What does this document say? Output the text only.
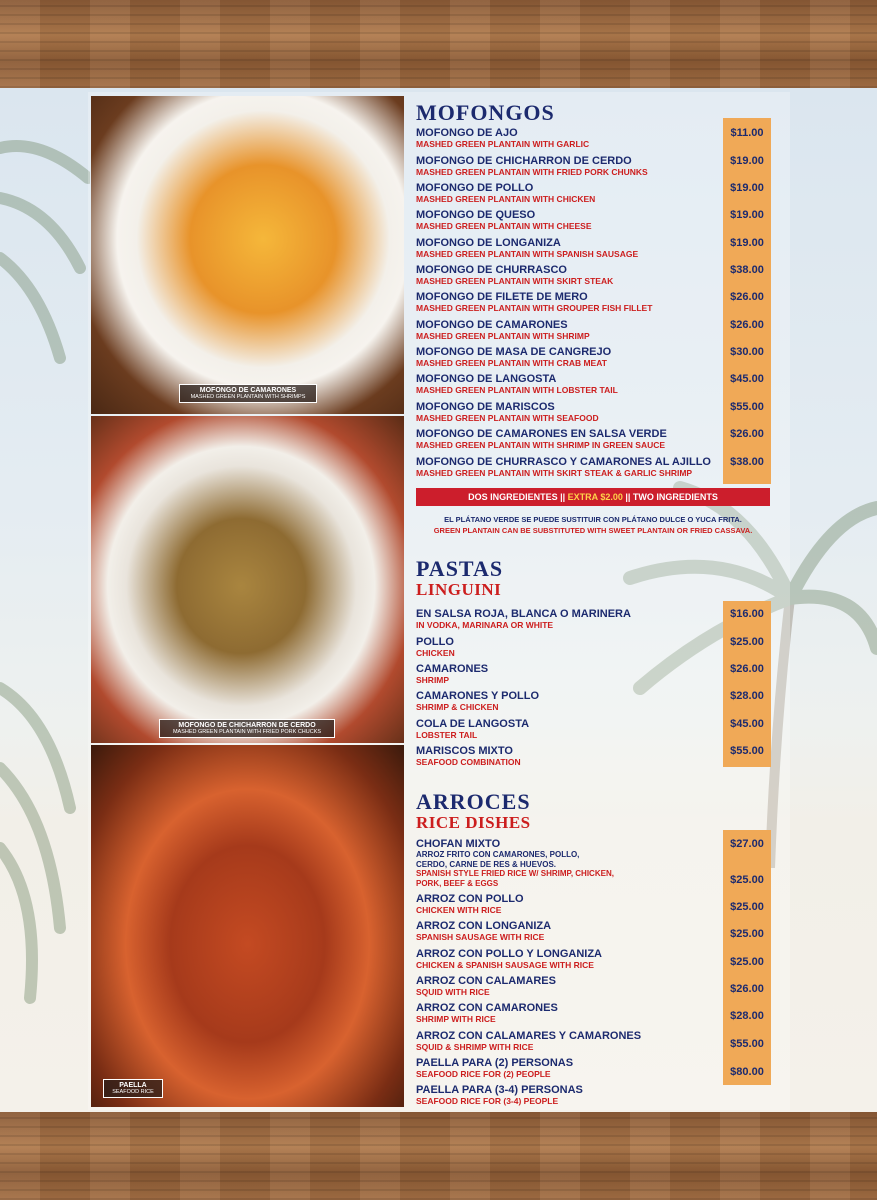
MOFONGO DE CAMARONES
MASHED GREEN PLANTAIN WITH SHRIMPS
MOFONGO DE CHICHARRON DE CERDO
MASHED GREEN PLANTAIN WITH FRIED PORK CHUCKS
PAELLA
SEAFOOD RICE
MOFONGOS
MOFONGO DE AJO
MASHED GREEN PLANTAIN WITH GARLIC
$11.00
MOFONGO DE CHICHARRON DE CERDO
MASHED GREEN PLANTAIN WITH FRIED PORK CHUNKS
$19.00
MOFONGO DE POLLO
MASHED GREEN PLANTAIN WITH CHICKEN
$19.00
MOFONGO DE QUESO
MASHED GREEN PLANTAIN WITH CHEESE
$19.00
MOFONGO DE LONGANIZA
MASHED GREEN PLANTAIN WITH SPANISH SAUSAGE
$19.00
MOFONGO DE CHURRASCO
MASHED GREEN PLANTAIN WITH SKIRT STEAK
$38.00
MOFONGO DE FILETE DE MERO
MASHED GREEN PLANTAIN WITH GROUPER FISH FILLET
$26.00
MOFONGO DE CAMARONES
MASHED GREEN PLANTAIN WITH SHRIMP
$26.00
MOFONGO DE MASA DE CANGREJO
MASHED GREEN PLANTAIN WITH CRAB MEAT
$30.00
MOFONGO DE LANGOSTA
MASHED GREEN PLANTAIN WITH LOBSTER TAIL
$45.00
MOFONGO DE MARISCOS
MASHED GREEN PLANTAIN WITH SEAFOOD
$55.00
MOFONGO DE CAMARONES EN SALSA VERDE
MASHED GREEN PLANTAIN WITH SHRIMP IN GREEN SAUCE
$26.00
MOFONGO DE CHURRASCO Y CAMARONES AL AJILLO
MASHED GREEN PLANTAIN WITH SKIRT STEAK & GARLIC SHRIMP
$38.00
DOS INGREDIENTES || EXTRA $2.00 || TWO INGREDIENTS
EL PLÁTANO VERDE SE PUEDE SUSTITUIR CON PLÁTANO DULCE O YUCA FRITA.
GREEN PLANTAIN CAN BE SUBSTITUTED WITH SWEET PLANTAIN OR FRIED CASSAVA.
PASTAS
LINGUINI
EN SALSA ROJA, BLANCA O MARINERA
IN VODKA, MARINARA OR WHITE
$16.00
POLLO
CHICKEN
$25.00
CAMARONES
SHRIMP
$26.00
CAMARONES Y POLLO
SHRIMP & CHICKEN
$28.00
COLA DE LANGOSTA
LOBSTER TAIL
$45.00
MARISCOS MIXTO
SEAFOOD COMBINATION
$55.00
ARROCES
RICE DISHES
CHOFAN MIXTO
ARROZ FRITO CON CAMARONES, POLLO,
CERDO, CARNE DE RES & HUEVOS.
SPANISH STYLE FRIED RICE W/ SHRIMP, CHICKEN,
PORK, BEEF & EGGS
ARROZ CON POLLO
CHICKEN WITH RICE
ARROZ CON LONGANIZA
SPANISH SAUSAGE WITH RICE
ARROZ CON POLLO Y LONGANIZA
CHICKEN & SPANISH SAUSAGE WITH RICE
ARROZ CON CALAMARES
SQUID WITH RICE
ARROZ CON CAMARONES
SHRIMP WITH RICE
ARROZ CON CALAMARES Y CAMARONES
SQUID & SHRIMP WITH RICE
PAELLA PARA (2) PERSONAS
SEAFOOD RICE FOR (2) PEOPLE
PAELLA PARA (3-4) PERSONAS
SEAFOOD RICE FOR (3-4) PEOPLE
$27.00
$25.00
$25.00
$25.00
$25.00
$26.00
$28.00
$55.00
$80.00
